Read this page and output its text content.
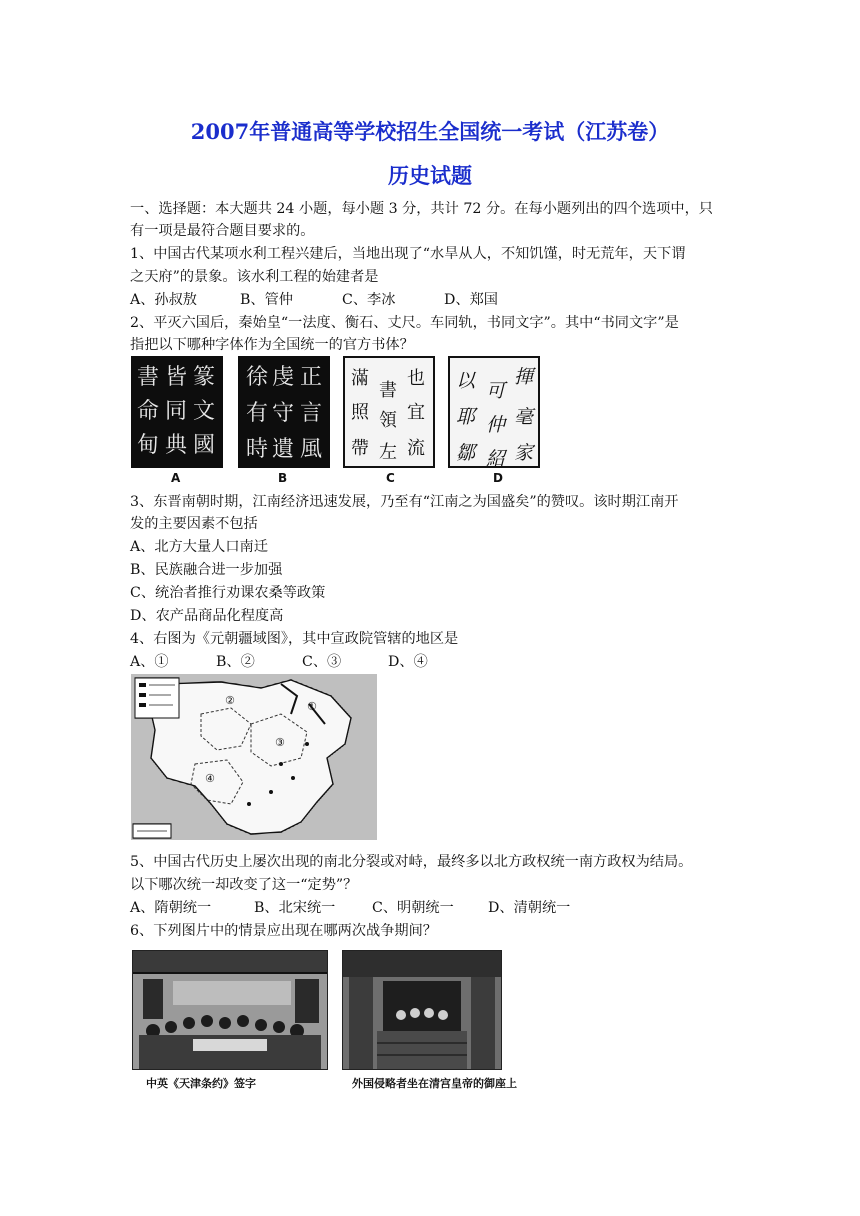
2007年普通高等学校招生全国统一考试（江苏卷）
历史试题
一、选择题：本大题共 24 小题，每小题 3 分，共计 72 分。在每小题列出的四个选项中，只
有一项是最符合题目要求的。
1、中国古代某项水利工程兴建后，当地出现了“水旱从人，不知饥馑，时无荒年，天下谓
之天府”的景象。该水利工程的始建者是
A、孙叔敖	B、管仲	C、李冰	D、郑国
2、平灭六国后，秦始皇“一法度、衡石、丈尺。车同轨，书同文字”。其中“书同文字”是
指把以下哪种字体作为全国统一的官方书体？
書 皆 篆
命 同 文
甸 典 國
徐 虔 正
有 守 言
時 遺 風
滿
書
也
照 領 宜
帶 左 流
以 可
揮
耶 仲 毫
鄒 紹 家
A	B	C	D
3、东晋南朝时期，江南经济迅速发展，乃至有“江南之为国盛矣”的赞叹。该时期江南开
发的主要因素不包括
A、北方大量人口南迁
B、民族融合进一步加强
C、统治者推行劝课农桑等政策
D、农产品商品化程度高
4、右图为《元朝疆域图》，其中宣政院管辖的地区是
A、①	B、②	C、③	D、④
②	①
③
④
5、中国古代历史上屡次出现的南北分裂或对峙，最终多以北方政权统一南方政权为结局。
以下哪次统一却改变了这一“定势”？
A、隋朝统一	B、北宋统一	C、明朝统一 D、清朝统一
6、下列图片中的情景应出现在哪两次战争期间？
中英《天津条约》签字	外国侵略者坐在清宫皇帝的御座上
